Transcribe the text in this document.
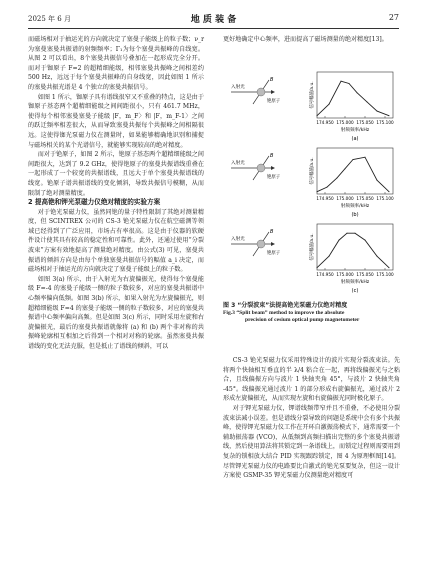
2025 年 6 月	地 质 装 备	27

而磁场相对于抽运光的方向就决定了塞曼子能级上的粒子数；ν_r 为塞曼塞曼共振谱的射频频率；Γ₁为每个塞曼共振峰的自线宽。从图 2 可以看出，8个塞曼共振信号叠加在一起形成完全分开。而对于铷原子 F=2 的超精细能级，相邻塞曼共振峰之间相差约 500 Hz，远远于每个塞曼共振峰的自身线宽，因此如图 1 所示的塞曼共振光谱是 4 个独立的塞曼共振信号。

如图 1 所示，铷原子具有谱线很窄又不重叠的特点，这是由于铷原子基态两个超精细能级之间间距很小，只有 461.7 MHz，使得每个相邻塞曼塞曼子能级 |F，m_F〉和 |F，m_F-1〉之间的跃迁频率相差很大，从而导致塞曼共振每个共振峰之间相隔很远。这使得铷光泵磁力仪在测量时，如果能够精确地识别和捕捉与磁场相关的某个光谱信号，就能够实现较高的绝对精度。

而对于铯原子，如图 2 所示，铯原子基态两个超精细能级之间间距很大，达到了 9.2 GHz，使得铯原子的塞曼共振谱线重叠在一起形成了一个较宽的共振谱线，且远大于单个塞曼共振谱线的线宽。铯原子谱共振谱线的变化倾斜，导致共振信号模糊，从而限制了绝对测量精度。

2 提高铯和钾光泵磁力仪绝对精度的实验方案

对于铯光泵磁力仪，虽然同铯的量子特性限制了其绝对测量精度，但 SCINTREX 公司的 CS-3 铯光泵磁力仪在航空磁测等领域已经得到了广泛应用，市场占有率很高。这是由于仪器的软硬件设计使其具有较高的稳定性和可靠性。此外，还通过使用“分裂波束”方案有效地提高了测量绝对精度。由公式(3) 可见，塞曼共振谱的倾斜方向是由每个单独塞曼共振信号的幅值 a_i 决定，而磁场相对于抽运光的方向就决定了塞曼子能级上的粒子数。

如图 3(a) 所示，由于入射光为右旋偏振光，使得每个塞曼能级 F=-4 的塞曼子能级一侧的粒子数较多，对应的塞曼共振谱中心频率偏向低频。如图 3(b) 所示，如果入射光为左旋偏振光，则超精细能级 F=4 的塞曼子能级一侧的粒子数较多，对应的塞曼共振谱中心频率偏向高频。但是如图 3(c) 所示，同时采用左旋和右旋偏振光，最后的塞曼共振谱就像将 (a) 和 (b) 两个非对称的共振峰轮廓相互相加之后得到一个相对对称的轮廓。虽然塞曼共振谱线的变化无法克服，但是抵止了谱线的倾斜，可以

更好地确定中心频率，进而提高了磁场测量的绝对精度[13]。

入射光
B
铯原子
174.950 175.000 175.050 175.100
射频频率/kHz
信号幅值/a.u.
(a)
入射光
B
铯原子
174.950 175.000 175.050 175.100
射频频率/kHz
信号幅值/a.u.
(b)
入射光
B
铯原子
174.950 175.000 175.050 175.100
射频频率/kHz
信号幅值/a.u.
(c)
图 3 “分裂波束”法提高铯光泵磁力仪绝对精度
Fig.3 “Split beam” method to improve the absolute
precision of cesium optical pump magnetometer

CS-3 铯光泵磁力仪采用特殊设计的波片实现分裂波束法。先将两个快轴相互垂直的半 λ/4 粘合在一起，再将线偏振光与之粘合，且线偏振方向与波片 1 快轴夹角 45°，与波片 2 快轴夹角 -45°。线偏振光通过波片 1 的部分形成右旋偏振光，通过波片 2 形成左旋偏振光，从而实现左旋和右旋偏振光同时极化原子。

对于钾光泵磁力仪，钾谱线频带窄并且不重叠，不必使用分裂波束法减小误差。但是谱线分裂导致的问题是系统中会有多个共振峰，使得钾光泵磁力仪工作在开环自激振荡模式下，通常需要一个辅助振荡器 (VCO)，从低频到高频扫描出完整的多个塞曼共振谱线，然后使用算法将其锁定到一条谱线上，而锁定过程则需要用到复杂的锁相放大结合 PID 实现跟踪锁定，图 4 为原理框图[14]。尽管钾光泵磁力仪的电路要比自激式的铯光泵要复杂，但这一设计方案使 GSMP-35 钾光泵磁力仪测量绝对精度可
